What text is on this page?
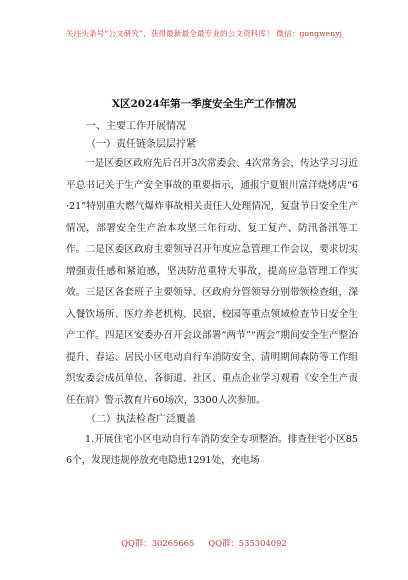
关注头条号“公文研究”，获得最新最全最专业的公文资料库！ 微信：gongwenyj
X区2024年第一季度安全生产工作情况
一、主要工作开展情况
（一）责任链条层层拧紧

一是区委区政府先后召开3次常委会、4次常务会，传达学习习近平总书记关于生产安全事故的重要指示，通报宁夏银川富洋烧烤店“6·21”特别重大燃气爆炸事故相关责任人处理情况，复盘节日安全生产情况，部署安全生产治本攻坚三年行动、复工复产、防汛备汛等工作。二是区委区政府主要领导召开年度应急管理工作会议，要求切实增强责任感和紧迫感，坚决防范重特大事故，提高应急管理工作实效。三是区各套班子主要领导、区政府分管领导分别带领检查组，深入餐饮场所、医疗养老机构、民宿、校园等重点领域检查节日安全生产工作。四是区安委办召开会议部署“两节”“两会”期间安全生产整治提升、春运、居民小区电动自行车消防安全、清明期间森防等工作组织安委会成员单位、各街道、社区、重点企业学习观看《安全生产责任在肩》警示教育片60场次，3300人次参加。

（二）执法检查广泛覆盖

1.开展住宅小区电动自行车消防安全专项整治。排查住宅小区856个，发现违规停放充电隐患1291处，充电场

QQ群：30265665 QQ群：535304092
